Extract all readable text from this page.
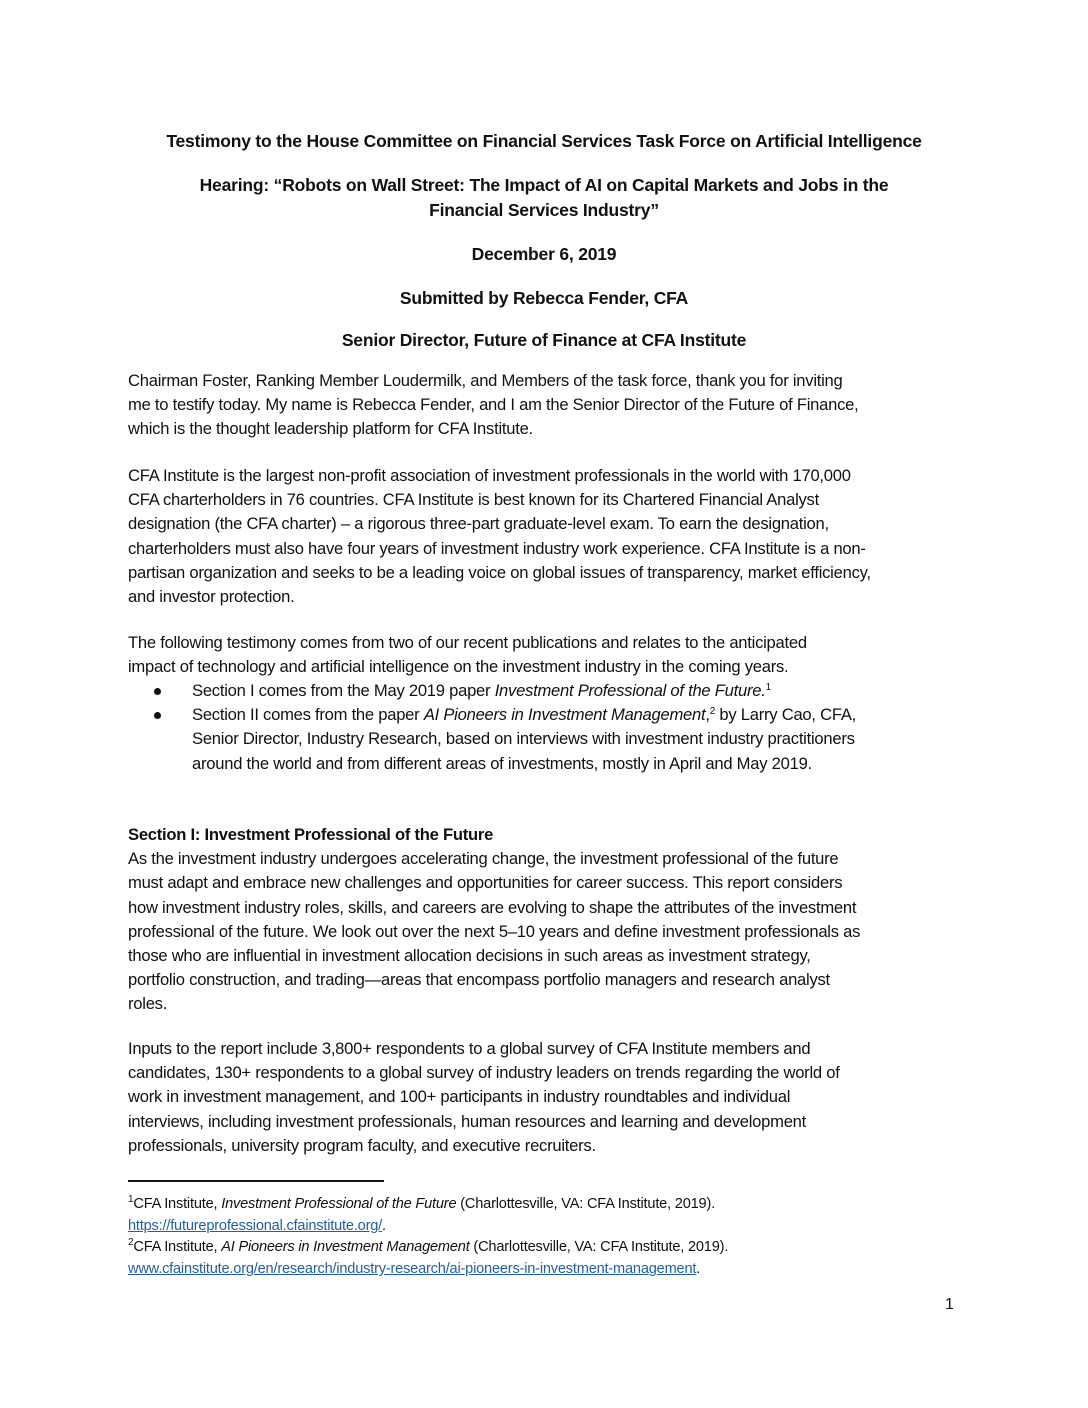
Testimony to the House Committee on Financial Services Task Force on Artificial Intelligence
Hearing: “Robots on Wall Street: The Impact of AI on Capital Markets and Jobs in the
Financial Services Industry”
December 6, 2019
Submitted by Rebecca Fender, CFA
Senior Director, Future of Finance at CFA Institute
Chairman Foster, Ranking Member Loudermilk, and Members of the task force, thank you for inviting
me to testify today. My name is Rebecca Fender, and I am the Senior Director of the Future of Finance,
which is the thought leadership platform for CFA Institute.
CFA Institute is the largest non-profit association of investment professionals in the world with 170,000
CFA charterholders in 76 countries. CFA Institute is best known for its Chartered Financial Analyst
designation (the CFA charter) – a rigorous three-part graduate-level exam. To earn the designation,
charterholders must also have four years of investment industry work experience. CFA Institute is a non-
partisan organization and seeks to be a leading voice on global issues of transparency, market efficiency,
and investor protection.
The following testimony comes from two of our recent publications and relates to the anticipated
impact of technology and artificial intelligence on the investment industry in the coming years.
Section I comes from the May 2019 paper Investment Professional of the Future.$^1$
Section II comes from the paper AI Pioneers in Investment Management,$^2$ by Larry Cao, CFA,
Senior Director, Industry Research, based on interviews with investment industry practitioners
around the world and from different areas of investments, mostly in April and May 2019.
Section I: Investment Professional of the Future
As the investment industry undergoes accelerating change, the investment professional of the future
must adapt and embrace new challenges and opportunities for career success. This report considers
how investment industry roles, skills, and careers are evolving to shape the attributes of the investment
professional of the future. We look out over the next 5–10 years and define investment professionals as
those who are influential in investment allocation decisions in such areas as investment strategy,
portfolio construction, and trading—areas that encompass portfolio managers and research analyst
roles.
Inputs to the report include 3,800+ respondents to a global survey of CFA Institute members and
candidates, 130+ respondents to a global survey of industry leaders on trends regarding the world of
work in investment management, and 100+ participants in industry roundtables and individual
interviews, including investment professionals, human resources and learning and development
professionals, university program faculty, and executive recruiters.
$^1$CFA Institute, Investment Professional of the Future (Charlottesville, VA: CFA Institute, 2019).
https://futureprofessional.cfainstitute.org/.
$^2$CFA Institute, AI Pioneers in Investment Management (Charlottesville, VA: CFA Institute, 2019).
www.cfainstitute.org/en/research/industry-research/ai-pioneers-in-investment-management.
1
